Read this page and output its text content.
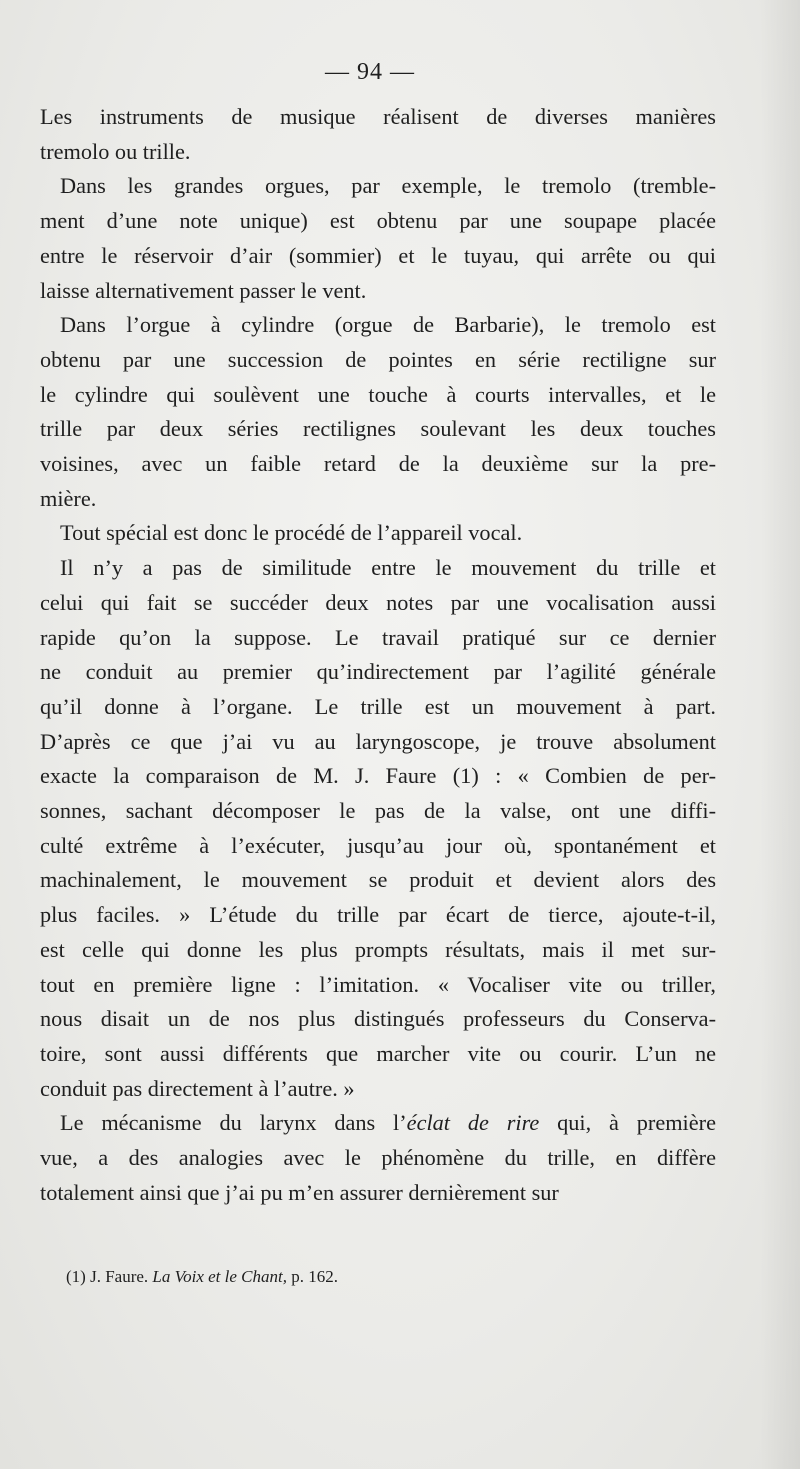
— 94 —

Les instruments de musique réalisent de diverses manières
tremolo ou trille.

Dans les grandes orgues, par exemple, le tremolo (tremble-
ment d’une note unique) est obtenu par une soupape placée
entre le réservoir d’air (sommier) et le tuyau, qui arrête ou qui
laisse alternativement passer le vent.

Dans l’orgue à cylindre (orgue de Barbarie), le tremolo est
obtenu par une succession de pointes en série rectiligne sur
le cylindre qui soulèvent une touche à courts intervalles, et le
trille par deux séries rectilignes soulevant les deux touches
voisines, avec un faible retard de la deuxième sur la pre-
mière.

Tout spécial est donc le procédé de l’appareil vocal.

Il n’y a pas de similitude entre le mouvement du trille et
celui qui fait se succéder deux notes par une vocalisation aussi
rapide qu’on la suppose. Le travail pratiqué sur ce dernier
ne conduit au premier qu’indirectement par l’agilité générale
qu’il donne à l’organe. Le trille est un mouvement à part.
D’après ce que j’ai vu au laryngoscope, je trouve absolument
exacte la comparaison de M. J. Faure (1) : « Combien de per-
sonnes, sachant décomposer le pas de la valse, ont une diffi-
culté extrême à l’exécuter, jusqu’au jour où, spontanément et
machinalement, le mouvement se produit et devient alors des
plus faciles. » L’étude du trille par écart de tierce, ajoute-t-il,
est celle qui donne les plus prompts résultats, mais il met sur-
tout en première ligne : l’imitation. « Vocaliser vite ou triller,
nous disait un de nos plus distingués professeurs du Conserva-
toire, sont aussi différents que marcher vite ou courir. L’un ne
conduit pas directement à l’autre. »

Le mécanisme du larynx dans l’éclat de rire qui, à première
vue, a des analogies avec le phénomène du trille, en diffère
totalement ainsi que j’ai pu m’en assurer dernièrement sur

(1) J. Faure. La Voix et le Chant, p. 162.
